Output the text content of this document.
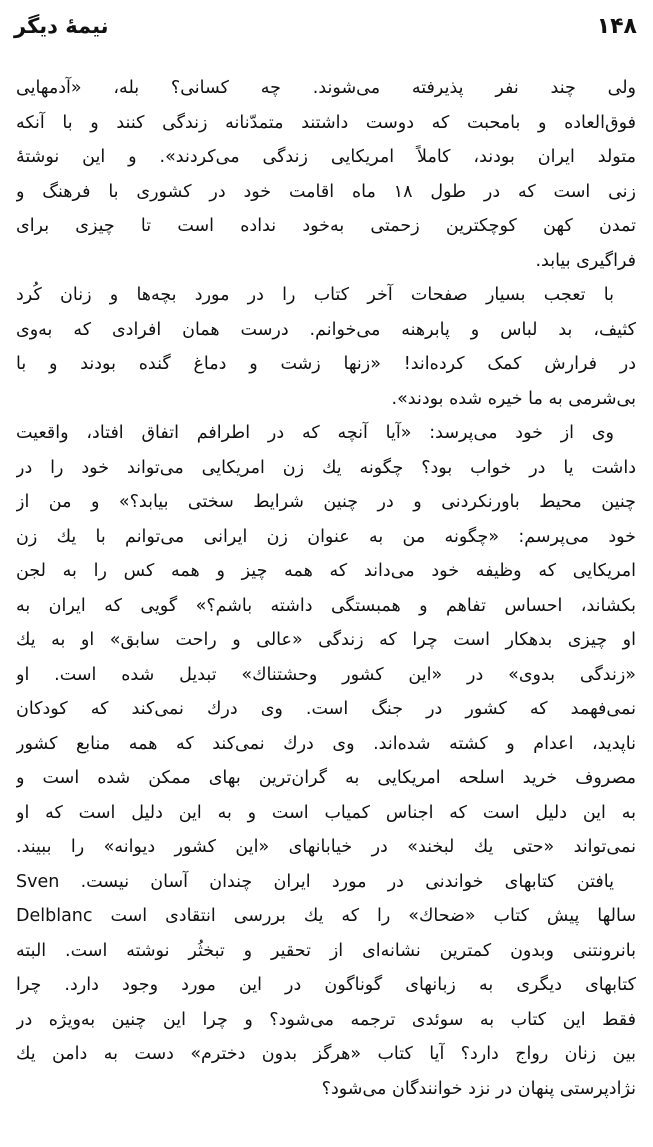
نیمهٔ دیگر	۱۴۸
ولی چند نفر پذیرفته می‌شوند. چه کسانی؟ بله، «آدمهایی
فوق‌العاده و بامحبت که دوست داشتند متمدّنانه زندگی کنند و با آنکه
متولد ایران بودند، کاملاً امریکایی زندگی می‌کردند». و این نوشتهٔ
زنی است که در طول ۱۸ ماه اقامت خود در کشوری با فرهنگ و
تمدن کهن کوچکترین زحمتی به‌خود نداده است تا چیزی برای
فراگیری بیابد.
با تعجب بسیار صفحات آخر کتاب را در مورد بچه‌ها و زنان کُرد
کثیف، بد لباس و پابرهنه می‌خوانم. درست همان افرادی که به‌وی
در فرارش کمک کرده‌اند! «زنها زشت و دماغ گنده بودند و با
بی‌شرمی به ما خیره شده بودند».
وی از خود می‌پرسد: «آیا آنچه که در اطرافم اتفاق افتاد، واقعیت
داشت یا در خواب بود؟ چگونه یك زن امریکایی می‌تواند خود را در
چنین محیط باورنکردنی و در چنین شرایط سختی بیابد؟» و من از
خود می‌پرسم: «چگونه من به عنوان زن ایرانی می‌توانم با یك زن
امریکایی که وظیفه خود می‌داند که همه چیز و همه کس را به لجن
بکشاند، احساس تفاهم و همبستگی داشته باشم؟» گویی که ایران به
او چیزی بدهکار است چرا که زندگی «عالی و راحت سابق» او به یك
«زندگی بدوی» در «این کشور وحشتناك» تبدیل شده است. او
نمی‌فهمد که کشور در جنگ است. وی درك نمی‌کند که کودکان
ناپدید، اعدام و کشته شده‌اند. وی درك نمی‌کند که همه منابع کشور
مصروف خرید اسلحه امریکایی به گران‌ترین بهای ممکن شده است و
به این دلیل است که اجناس کمیاب است و به این دلیل است که او
نمی‌تواند «حتی یك لبخند» در خیابانهای «این کشور دیوانه» را ببیند.
یافتن کتابهای خواندنی در مورد ایران چندان آسان نیست. Sven
Delblanc سالها پیش کتاب «ضحاك» را که یك بررسی انتقادی است
بانرونتنی وبدون کمترین نشانه‌ای از تحقیر و تبخثُر نوشته است. البته
کتابهای دیگری به زبانهای گوناگون در این مورد وجود دارد. چرا
فقط این کتاب به سوئدی ترجمه می‌شود؟ و چرا این چنین به‌ویژه در
بین زنان رواج دارد؟ آیا کتاب «هرگز بدون دخترم» دست به دامن یك
نژادپرستی پنهان در نزد خوانندگان می‌شود؟
